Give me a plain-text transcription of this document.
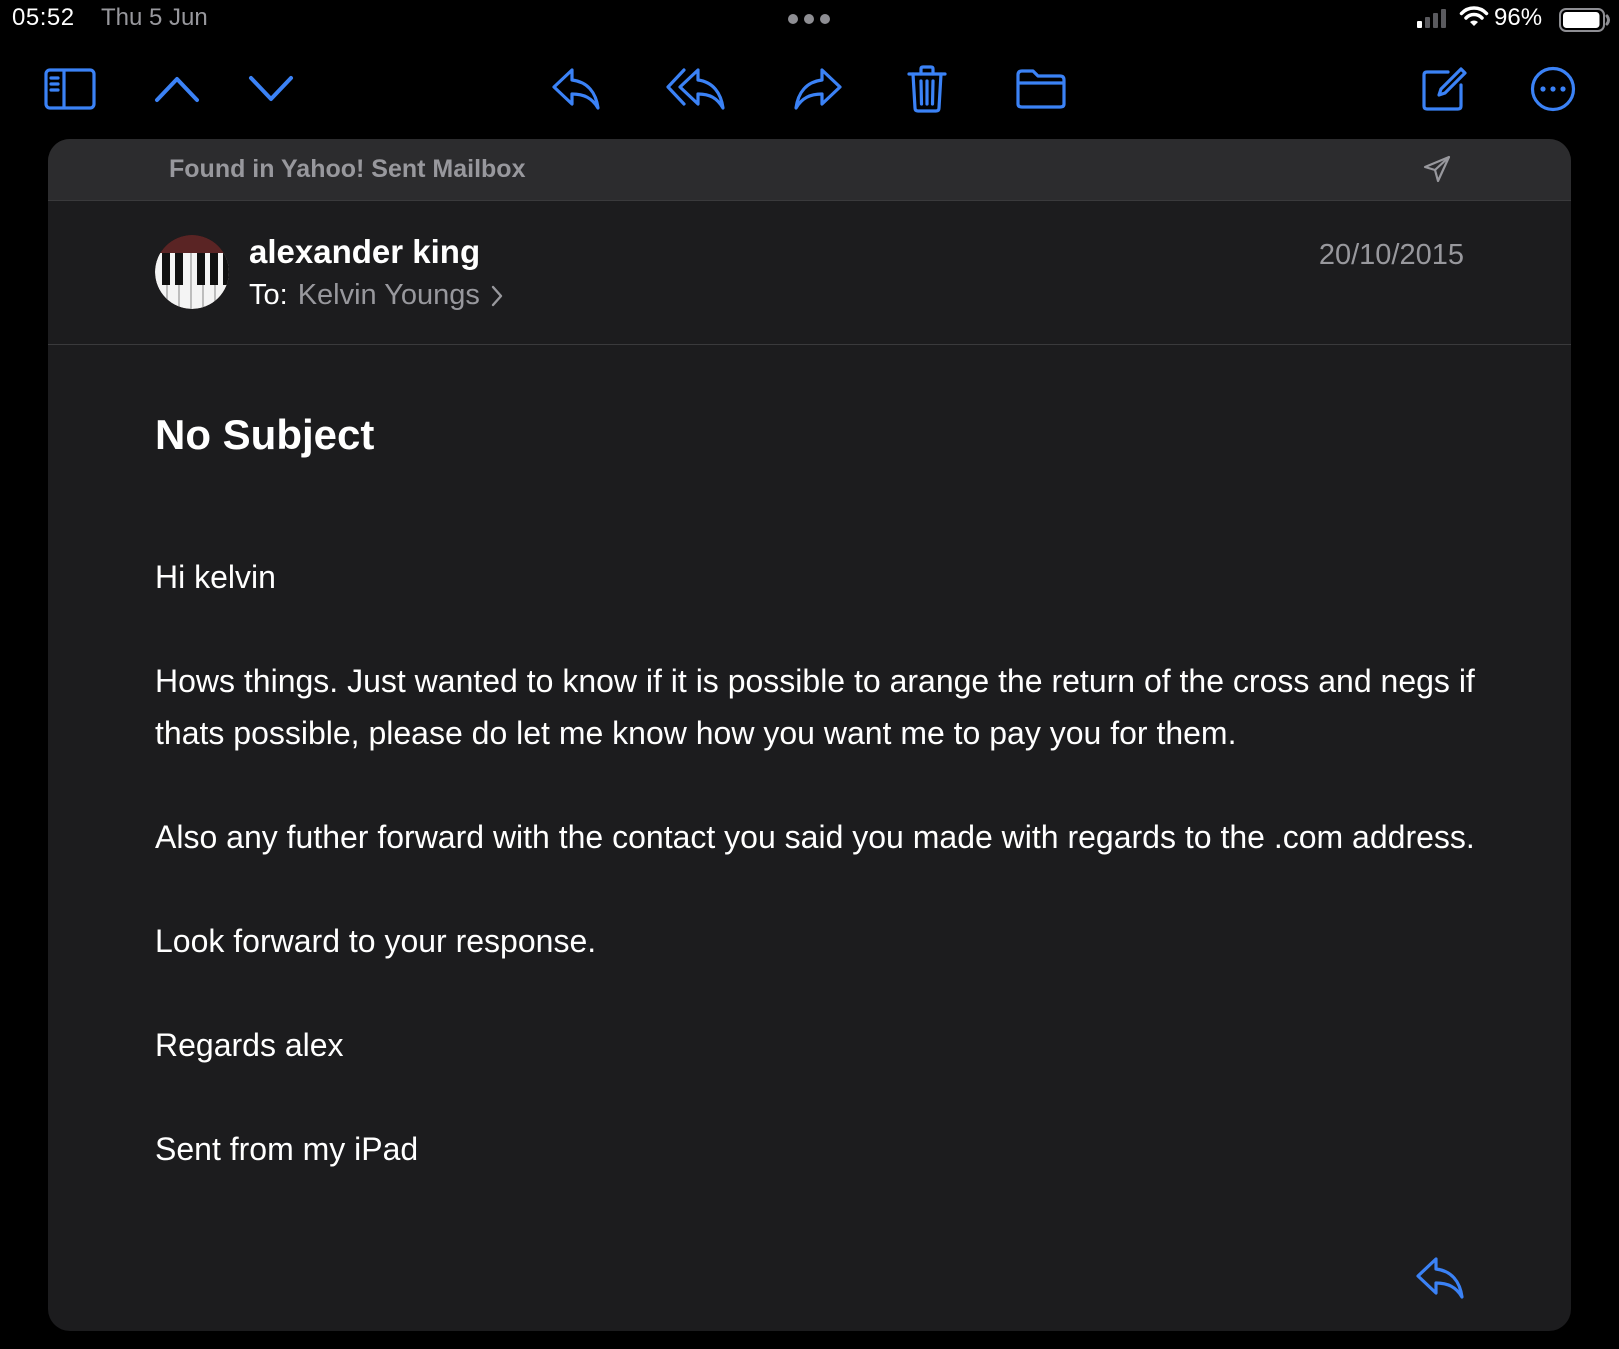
05:52 Thu 5 Jun	96%
Found in Yahoo! Sent Mailbox
alexander king
To: Kelvin Youngs
20/10/2015
No Subject

Hi kelvin

Hows things. Just wanted to know if it is possible to arange the return of the cross and negs if thats possible, please do let me know how you want me to pay you for them.

Also any futher forward with the contact you said you made with regards to the .com address.

Look forward to your response.

Regards alex

Sent from my iPad
